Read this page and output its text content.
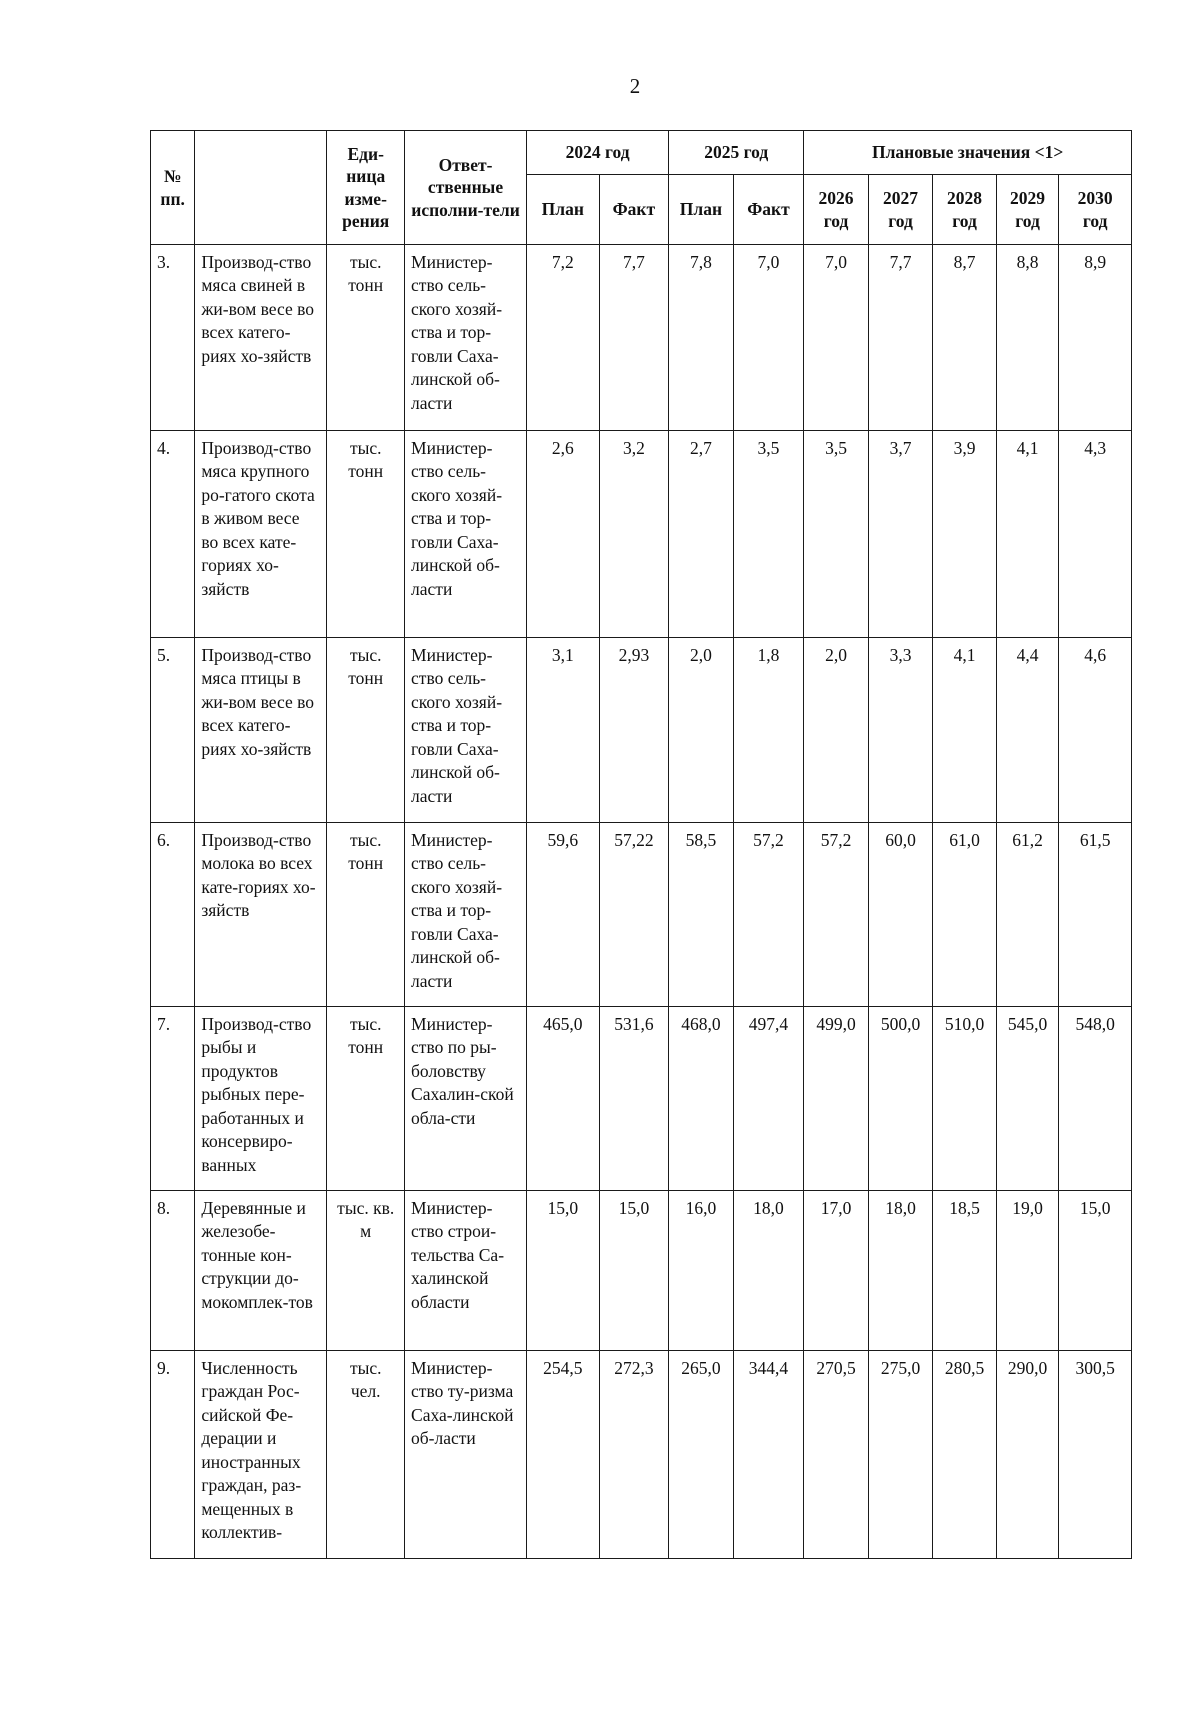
2
№ пп.		Еди-ница изме-рения	Ответ-ственные исполни-тели	2024 год		2025 год		Плановые значения <1>				
				План	Факт	План	Факт	2026 год	2027 год	2028 год	2029 год	2030 год
3.	Производ-ство мяса свиней в жи-вом весе во всех катего-риях хо-зяйств	тыс. тонн	Министер-ство сель-ского хозяй-ства и тор-говли Саха-линской об-ласти	7,2	7,7	7,8	7,0	7,0	7,7	8,7	8,8	8,9
4.	Производ-ство мяса крупного ро-гатого скота в живом весе во всех кате-гориях хо-зяйств	тыс. тонн	Министер-ство сель-ского хозяй-ства и тор-говли Саха-линской об-ласти	2,6	3,2	2,7	3,5	3,5	3,7	3,9	4,1	4,3
5.	Производ-ство мяса птицы в жи-вом весе во всех катего-риях хо-зяйств	тыс. тонн	Министер-ство сель-ского хозяй-ства и тор-говли Саха-линской об-ласти	3,1	2,93	2,0	1,8	2,0	3,3	4,1	4,4	4,6
6.	Производ-ство молока во всех кате-гориях хо-зяйств	тыс. тонн	Министер-ство сель-ского хозяй-ства и тор-говли Саха-линской об-ласти	59,6	57,22	58,5	57,2	57,2	60,0	61,0	61,2	61,5
7.	Производ-ство рыбы и продуктов рыбных пере-работанных и консервиро-ванных	тыс. тонн	Министер-ство по ры-боловству Сахалин-ской обла-сти	465,0	531,6	468,0	497,4	499,0	500,0	510,0	545,0	548,0
8.	Деревянные и железобе-тонные кон-струкции до-мокомплек-тов	тыс. кв. м	Министер-ство строи-тельства Са-халинской области	15,0	15,0	16,0	18,0	17,0	18,0	18,5	19,0	15,0
9.	Численность граждан Рос-сийской Фе-дерации и иностранных граждан, раз-мещенных в коллектив-	тыс. чел.	Министер-ство ту-ризма Саха-линской об-ласти	254,5	272,3	265,0	344,4	270,5	275,0	280,5	290,0	300,5
